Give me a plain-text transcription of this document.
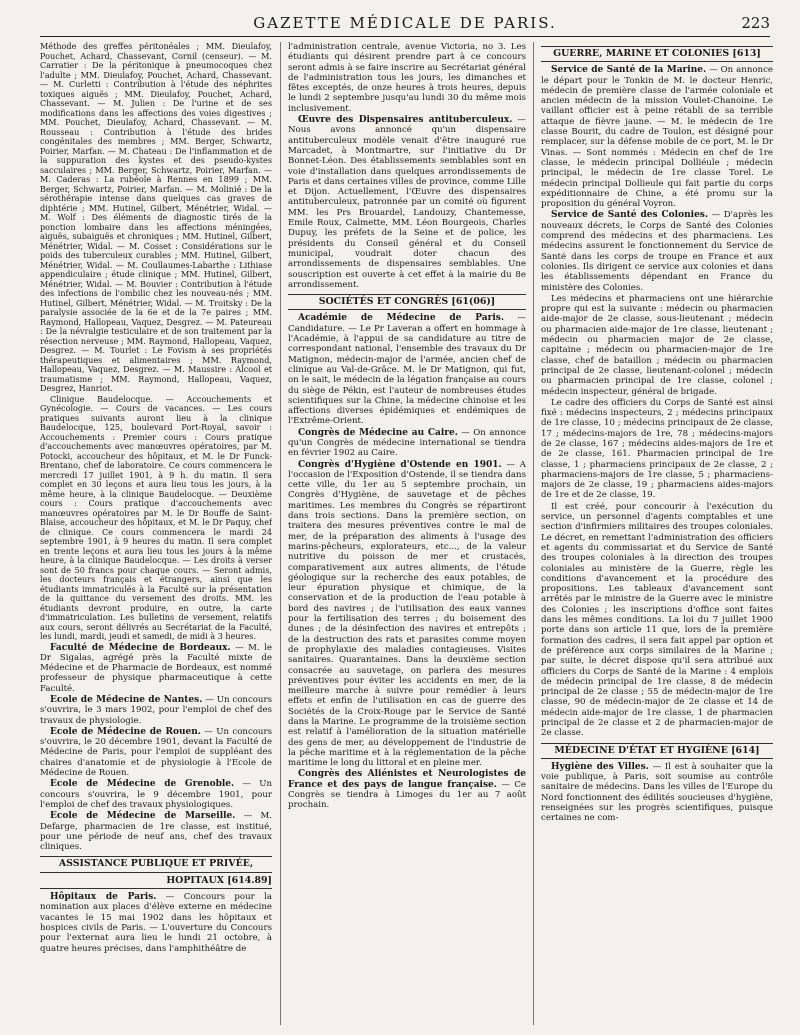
GAZETTE MÉDICALE DE PARIS.	223

Méthode des greffes péritonéales ; MM. Dieulafoy, Pouchet, Achard, Chassevant, Cornil (censeur). — M. Carratier : De la péritonique à pneumocoques chez l'adulte ; MM. Dieulafoy, Pouchet, Achard, Chassevant. — M. Curletti : Contribution à l'étude des néphrites toxiques aiguës ; MM. Dieulafoy, Pouchet, Achard, Chassevant. — M. Julien : De l'urine et de ses modifications dans les affections des voies digestives ; MM. Pouchet, Dieulafoy, Achard, Chassevant. — M. Rousseau : Contribution à l'étude des brides congénitales des membres ; MM. Berger, Schwartz, Poirier, Marfan. — M. Chateau : De l'inflammation et de la suppuration des kystes et des pseudo-kystes sacculaires ; MM. Berger, Schwartz, Poirier, Marfan. — M. Caderas : La rubéole à Rennes en 1899 ; MM. Berger, Schwartz, Poirier, Marfan. — M. Molinié : De la sérothérapie intense dans quelques cas graves de diphtérie ; MM. Hutinel, Gilbert, Ménétrier, Widal. — M. Wolf : Des éléments de diagnostic tirés de la ponction lombaire dans les affections méningées, aiguës, subaiguës et chroniques ; MM. Hutinel, Gilbert, Ménétrier, Widal. — M. Cosset : Considérations sur le poids des tuberculeux curables ; MM. Hutinel, Gilbert, Ménétrier, Widal. — M. Coullaumes-Labarthe : Lithiase appendiculaire ; étude clinique ; MM. Hutinel, Gilbert, Ménétrier, Widal. — M. Bouvier : Contribution à l'étude des infections de l'ombilic chez les nouveau-nés ; MM. Hutinel, Gilbert, Ménétrier, Widal. — M. Troitsky : De la paralysie associée de la 6e et de la 7e paires ; MM. Raymond, Hallopeau, Vaquez, Desgrez. — M. Pateureau : De la névralgie testiculaire et de son traitement par la résection nerveuse ; MM. Raymond, Hallopeau, Vaquez, Desgrez. — M. Tourlet : Le Fovism à ses propriétés thérapeutiques et alimentaires ; MM. Raymond, Hallopeau, Vaquez, Desgrez. — M. Maussire : Alcool et traumatisme ; MM. Raymond, Hallopeau, Vaquez, Desgrez, Hanriot.

Clinique Baudelocque. — Accouchements et Gynécologie. — Cours de vacances. — Les cours pratiques suivants auront lieu à la clinique Baudelocque, 125, boulevard Port-Royal, savoir : Accouchements : Premier cours : Cours pratique d'accouchements avec manœuvres opératoires, par M. Potocki, accoucheur des hôpitaux, et M. le Dr Funck-Brentano, chef de laboratoire. Ce cours commencera le mercredi 17 juillet 1901, à 9 h. du matin. Il sera complet en 30 leçons et aura lieu tous les jours, à la même heure, à la clinique Baudelocque. — Deuxième cours : Cours pratique d'accouchements avec manœuvres opératoires par M. le Dr Bouffe de Saint-Blaise, accoucheur des hôpitaux, et M. le Dr Paquy, chef de clinique. Ce cours commencera le mardi 24 septembre 1901, à 9 heures du matin. Il sera complet en trente leçons et aura lieu tous les jours à la même heure, à la clinique Baudelocque. — Les droits à verser sont de 50 francs pour chaque cours. — Seront admis, les docteurs français et étrangers, ainsi que les étudiants immatriculés à la Faculté sur la présentation de la quittance du versement des droits. MM. les étudiants devront produire, en outre, la carte d'immatriculation. Les bulletins de versement, relatifs aux cours, seront délivrés au Secrétariat de la Faculté, les lundi, mardi, jeudi et samedi, de midi à 3 heures.

Faculté de Médecine de Bordeaux. — M. le Dr Sigalas, agrégé près la Faculté mixte de Médecine et de Pharmacie de Bordeaux, est nommé professeur de physique pharmaceutique à cette Faculté.

Ecole de Médecine de Nantes. — Un concours s'ouvrira, le 3 mars 1902, pour l'emploi de chef des travaux de physiologie.

Ecole de Médecine de Rouen. — Un concours s'ouvrira, le 20 décembre 1901, devant la Faculté de Médecine de Paris, pour l'emploi de suppléant des chaires d'anatomie et de physiologie à l'Ecole de Médecine de Rouen.

Ecole de Médecine de Grenoble. — Un concours s'ouvrira, le 9 décembre 1901, pour l'emploi de chef des travaux physiologiques.

Ecole de Médecine de Marseille. — M. Defarge, pharmacien de 1re classe, est institué, pour une période de neuf ans, chef des travaux cliniques.

ASSISTANCE PUBLIQUE ET PRIVÉE,
HOPITAUX [614.89]

Hôpitaux de Paris. — Concours pour la nomination aux places d'élève externe en médecine vacantes le 15 mai 1902 dans les hôpitaux et hospices civils de Paris. — L'ouverture du Concours pour l'externat aura lieu le lundi 21 octobre, à quatre heures précises, dans l'amphithéâtre de

l'administration centrale, avenue Victoria, no 3. Les étudiants qui désirent prendre part à ce concours seront admis à se faire inscrire au Secrétariat général de l'administration tous les jours, les dimanches et fêtes exceptés, de onze heures à trois heures, depuis le lundi 2 septembre jusqu'au lundi 30 du même mois inclusivement.

Œuvre des Dispensaires antituberculeux. — Nous avons annoncé qu'un dispensaire antituberculeux modèle venait d'être inauguré rue Marcadet, à Montmartre, sur l'initiative du Dr Bonnet-Léon. Des établissements semblables sont en voie d'installation dans quelques arrondissements de Paris et dans certaines villes de province, comme Lille et Dijon. Actuellement, l'Œuvre des dispensaires antituberculeux, patronnée par un comité où figurent MM. les Prs Brouardel, Landouzy, Chantemesse, Emile Roux, Calmette, MM. Léon Bourgeois, Charles Dupuy, les préfets de la Seine et de police, les présidents du Conseil général et du Conseil municipal, voudrait doter chacun des arrondissements de dispensaires semblables. Une souscription est ouverte à cet effet à la mairie du 8e arrondissement.

SOCIÉTÉS ET CONGRÈS [61(06)]

Académie de Médecine de Paris. — Candidature. — Le Pr Laveran a offert en hommage à l'Académie, à l'appui de sa candidature au titre de correspondant national, l'ensemble des travaux du Dr Matignon, médecin-major de l'armée, ancien chef de clinique au Val-de-Grâce. M. le Dr Matignon, qui fut, on le sait, le médecin de la légation française au cours du siège de Pékin, est l'auteur de nombreuses études scientifiques sur la Chine, la médecine chinoise et les affections diverses épidémiques et endémiques de l'Extrême-Orient.

Congrès de Médecine au Caire. — On annonce qu'un Congrès de médecine international se tiendra en février 1902 au Caire.

Congrès d'Hygiène d'Ostende en 1901. — A l'occasion de l'Exposition d'Ostende, il se tiendra dans cette ville, du 1er au 5 septembre prochain, un Congrès d'Hygiène, de sauvetage et de pêches maritimes. Les membres du Congrès se répartiront dans trois sections. Dans la première section, on traitera des mesures préventives contre le mal de mer, de la préparation des aliments à l'usage des marins-pêcheurs, explorateurs, etc..., de la valeur nutritive du poisson de mer et crustacés, comparativement aux autres aliments, de l'étude géologique sur la recherche des eaux potables, de leur épuration physique et chimique, de la conservation et de la production de l'eau potable à bord des navires ; de l'utilisation des eaux vannes pour la fertilisation des terres ; du boisement des dunes ; de la désinfection des navires et entrepôts ; de la destruction des rats et parasites comme moyen de prophylaxie des maladies contagieuses. Visites sanitaires. Quarantaines. Dans la deuxième section consacrée au sauvetage, on parlera des mesures préventives pour éviter les accidents en mer, de la meilleure marche à suivre pour remédier à leurs effets et enfin de l'utilisation en cas de guerre des Sociétés de la Croix-Rouge par le Service de Santé dans la Marine. Le programme de la troisième section est relatif à l'amélioration de la situation matérielle des gens de mer, au développement de l'industrie de la pêche maritime et à la réglementation de la pêche maritime le long du littoral et en pleine mer.

Congrès des Aliénistes et Neurologistes de France et des pays de langue française. — Ce Congrès se tiendra à Limoges du 1er au 7 août prochain.

GUERRE, MARINE ET COLONIES [613]

Service de Santé de la Marine. — On annonce le départ pour le Tonkin de M. le docteur Henric, médecin de première classe de l'armée coloniale et ancien médecin de la mission Voulet-Chanoine. Le vaillant officier est à peine rétabli de sa terrible attaque de fièvre jaune. — M. le médecin de 1re classe Bourit, du cadre de Toulon, est désigné pour remplacer, sur la défense mobile de ce port, M. le Dr Vinas. — Sont nommés : Médecin en chef de 1re classe, le médecin principal Dolliéule ; médecin principal, le médecin de 1re classe Torel. Le médecin principal Dollieule qui fait partie du corps expéditionnaire de Chine, a été promu sur la proposition du général Voyron.

Service de Santé des Colonies. — D'après les nouveaux décrets, le Corps de Santé des Colonies comprend des médecins et des pharmaciens. Les médecins assurent le fonctionnement du Service de Santé dans les corps de troupe en France et aux colonies. Ils dirigent ce service aux colonies et dans les établissements dépendant en France du ministère des Colonies.

Les médecins et pharmaciens ont une hiérarchie propre qui est la suivante : médecin ou pharmacien aide-major de 2e classe, sous-lieutenant ; médecin ou pharmacien aide-major de 1re classe, lieutenant ; médecin ou pharmacien major de 2e classe, capitaine ; médecin ou pharmacien-major de 1re classe, chef de bataillon ; médecin ou pharmacien principal de 2e classe, lieutenant-colonel ; médecin ou pharmacien principal de 1re classe, colonel ; médecin inspecteur, général de brigade.

Le cadre des officiers du Corps de Santé est ainsi fixé : médecins inspecteurs, 2 ; médecins principaux de 1re classe, 10 ; médecins principaux de 2e classe, 17 ; médecins-majors de 1re, 78 ; médecins-majors de 2e classe, 167 ; médecins aides-majors de 1re et de 2e classe, 161. Pharmacien principal de 1re classe, 1 ; pharmaciens principaux de 2e classe, 2 ; pharmaciens-majors de 1re classe, 5 ; pharmaciens-majors de 2e classe, 19 ; pharmaciens aides-majors de 1re et de 2e classe, 19.

Il est créé, pour concourir à l'exécution du service, un personnel d'agents comptables et une section d'infirmiers militaires des troupes coloniales. Le décret, en remettant l'administration des officiers et agents du commissariat et du Service de Santé des troupes coloniales à la direction des troupes coloniales au ministère de la Guerre, règle les conditions d'avancement et la procédure des propositions. Les tableaux d'avancement sont arrêtés par le ministre de la Guerre avec le ministre des Colonies ; les inscriptions d'office sont faites dans les mêmes conditions. La loi du 7 juillet 1900 porte dans son article 11 que, lors de la première formation des cadres, il sera fait appel par option et de préférence aux corps similaires de la Marine ; par suite, le décret dispose qu'il sera attribué aux officiers du Corps de Santé de la Marine : 4 emplois de médecin principal de 1re classe, 8 de médecin principal de 2e classe ; 55 de médecin-major de 1re classe, 90 de médecin-major de 2e classe et 14 de médecin aide-major de 1re classe, 1 de pharmacien principal de 2e classe et 2 de pharmacien-major de 2e classe.

MÉDECINE D'ÉTAT ET HYGIÈNE [614]

Hygiène des Villes. — Il est à souhaiter que la voie publique, à Paris, soit soumise au contrôle sanitaire de médecins. Dans les villes de l'Europe du Nord fonctionnent des édilités soucieuses d'hygiène, renseignées sur les progrès scientifiques, puisque certaines ne com-
